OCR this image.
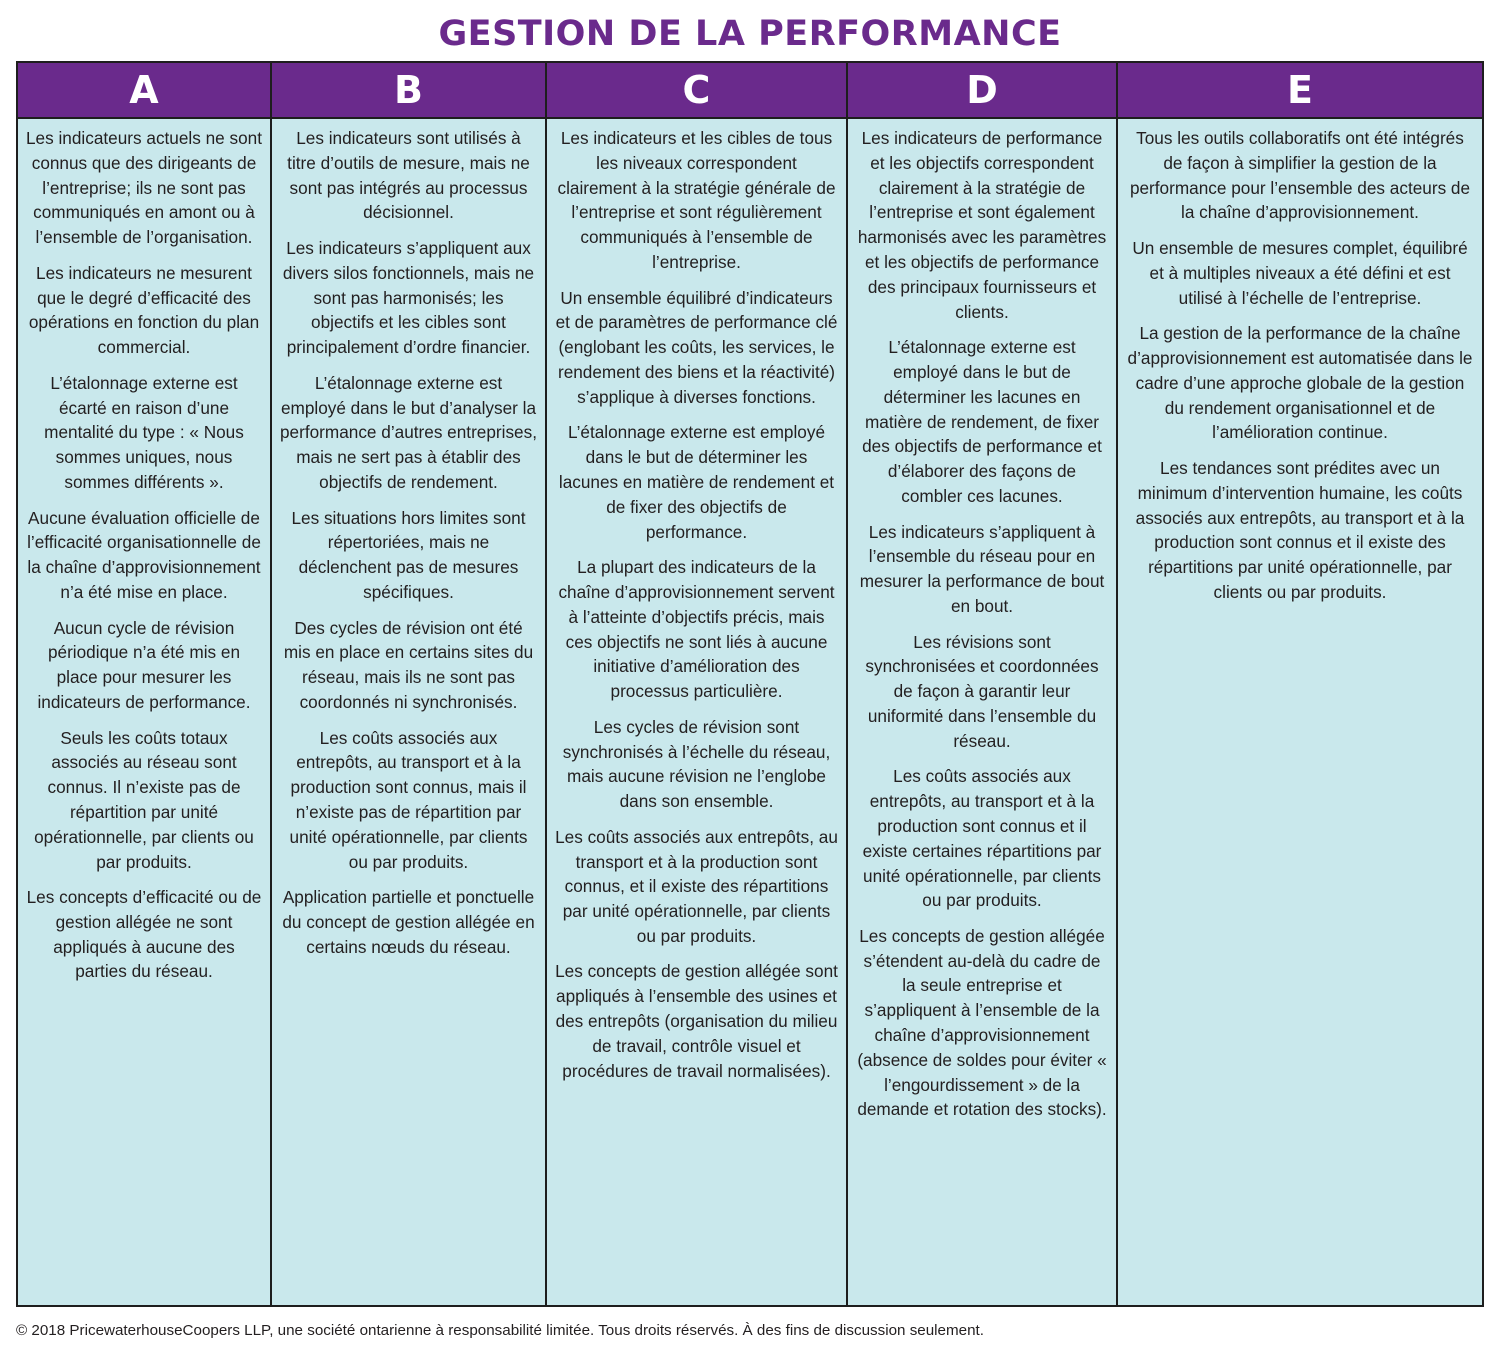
GESTION DE LA PERFORMANCE
A

Les indicateurs actuels ne sont connus que des dirigeants de l’entreprise; ils ne sont pas communiqués en amont ou à l’ensemble de l’organisation.

Les indicateurs ne mesurent que le degré d’efficacité des opérations en fonction du plan commercial.

L’étalonnage externe est écarté en raison d’une mentalité du type : « Nous sommes uniques, nous sommes différents ».

Aucune évaluation officielle de l’efficacité organisationnelle de la chaîne d’approvisionnement n’a été mise en place.

Aucun cycle de révision périodique n’a été mis en place pour mesurer les indicateurs de performance.

Seuls les coûts totaux associés au réseau sont connus. Il n’existe pas de répartition par unité opérationnelle, par clients ou par produits.

Les concepts d’efficacité ou de gestion allégée ne sont appliqués à aucune des parties du réseau.

B

Les indicateurs sont utilisés à titre d’outils de mesure, mais ne sont pas intégrés au processus décisionnel.

Les indicateurs s’appliquent aux divers silos fonctionnels, mais ne sont pas harmonisés; les objectifs et les cibles sont principalement d’ordre financier.

L’étalonnage externe est employé dans le but d’analyser la performance d’autres entreprises, mais ne sert pas à établir des objectifs de rendement.

Les situations hors limites sont répertoriées, mais ne déclenchent pas de mesures spécifiques.

Des cycles de révision ont été mis en place en certains sites du réseau, mais ils ne sont pas coordonnés ni synchronisés.

Les coûts associés aux entrepôts, au transport et à la production sont connus, mais il n’existe pas de répartition par unité opérationnelle, par clients ou par produits.

Application partielle et ponctuelle du concept de gestion allégée en certains nœuds du réseau.

C

Les indicateurs et les cibles de tous les niveaux correspondent clairement à la stratégie générale de l’entreprise et sont régulièrement communiqués à l’ensemble de l’entreprise.

Un ensemble équilibré d’indicateurs et de paramètres de performance clé (englobant les coûts, les services, le rendement des biens et la réactivité) s’applique à diverses fonctions.

L’étalonnage externe est employé dans le but de déterminer les lacunes en matière de rendement et de fixer des objectifs de performance.

La plupart des indicateurs de la chaîne d’approvisionnement servent à l’atteinte d’objectifs précis, mais ces objectifs ne sont liés à aucune initiative d’amélioration des processus particulière.

Les cycles de révision sont synchronisés à l’échelle du réseau, mais aucune révision ne l’englobe dans son ensemble.

Les coûts associés aux entrepôts, au transport et à la production sont connus, et il existe des répartitions par unité opérationnelle, par clients ou par produits.

Les concepts de gestion allégée sont appliqués à l’ensemble des usines et des entrepôts (organisation du milieu de travail, contrôle visuel et procédures de travail normalisées).

D

Les indicateurs de performance et les objectifs correspondent clairement à la stratégie de l’entreprise et sont également harmonisés avec les paramètres et les objectifs de performance des principaux fournisseurs et clients.

L’étalonnage externe est employé dans le but de déterminer les lacunes en matière de rendement, de fixer des objectifs de performance et d’élaborer des façons de combler ces lacunes.

Les indicateurs s’appliquent à l’ensemble du réseau pour en mesurer la performance de bout en bout.

Les révisions sont synchronisées et coordonnées de façon à garantir leur uniformité dans l’ensemble du réseau.

Les coûts associés aux entrepôts, au transport et à la production sont connus et il existe certaines répartitions par unité opérationnelle, par clients ou par produits.

Les concepts de gestion allégée s’étendent au-delà du cadre de la seule entreprise et s’appliquent à l’ensemble de la chaîne d’approvisionnement (absence de soldes pour éviter « l’engourdissement » de la demande et rotation des stocks).

E

Tous les outils collaboratifs ont été intégrés de façon à simplifier la gestion de la performance pour l’ensemble des acteurs de la chaîne d’approvisionnement.

Un ensemble de mesures complet, équilibré et à multiples niveaux a été défini et est utilisé à l’échelle de l’entreprise.

La gestion de la performance de la chaîne d’approvisionnement est automatisée dans le cadre d’une approche globale de la gestion du rendement organisationnel et de l’amélioration continue.

Les tendances sont prédites avec un minimum d’intervention humaine, les coûts associés aux entrepôts, au transport et à la production sont connus et il existe des répartitions par unité opérationnelle, par clients ou par produits.

© 2018 PricewaterhouseCoopers LLP, une société ontarienne à responsabilité limitée. Tous droits réservés. À des fins de discussion seulement.
